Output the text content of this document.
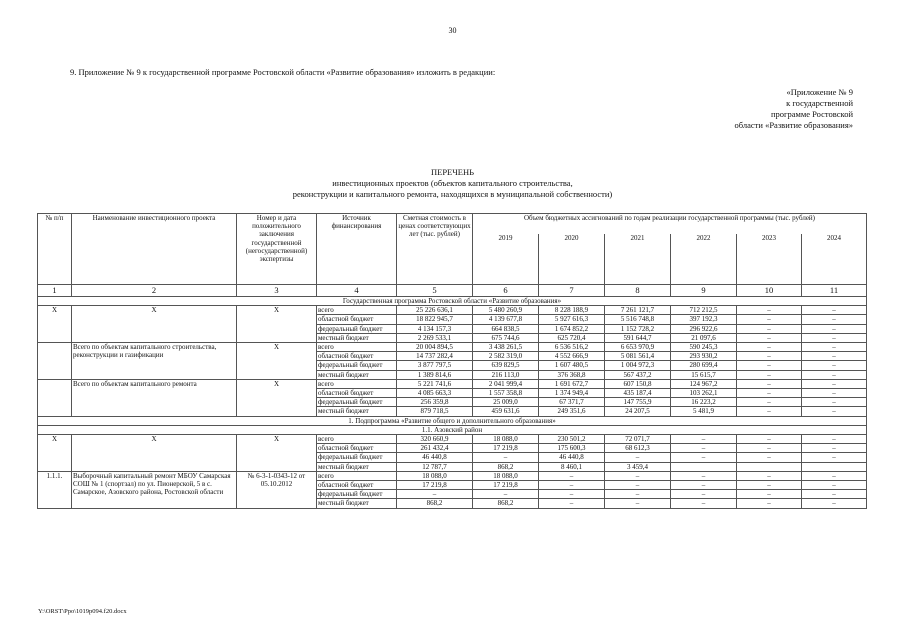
30
9. Приложение № 9 к государственной программе Ростовской области «Развитие образования» изложить в редакции:
«Приложение № 9
к государственной
программе Ростовской
области «Развитие образования»
ПЕРЕЧЕНЬ
инвестиционных проектов (объектов капитального строительства,
реконструкции и капитального ремонта, находящихся в муниципальной собственности)
№ п/п	Наименование инвестиционного проекта	Номер и дата положительного заключения государственной (негосударственной) экспертизы	Источник финансирования	Сметная стоимость в ценах соответствующих лет (тыс. рублей)	Объем бюджетных ассигнований по годам реализации государственной программы (тыс. рублей)					
					2019	2020	2021	2022	2023	2024
1	2	3	4	5	6	7	8	9	10	11
Государственная программа Ростовской области «Развитие образования»										
X	X	X	всего	25 226 636,1	5 480 260,9	8 228 188,9	7 261 121,7	712 212,5	–	–
			областной бюджет	18 822 945,7	4 139 677,8	5 927 616,3	5 516 748,8	397 192,3	–	–
			федеральный бюджет	4 134 157,3	664 838,5	1 674 852,2	1 152 728,2	296 922,6	–	–
			местный бюджет	2 269 533,1	675 744,6	625 720,4	591 644,7	21 097,6	–	–
	Всего по объектам капитального строительства, реконструкции и газификации	X	всего	20 004 894,5	3 438 261,5	6 536 516,2	6 653 970,9	590 245,3	–	–
			областной бюджет	14 737 282,4	2 582 319,0	4 552 666,9	5 081 561,4	293 930,2	–	–
			федеральный бюджет	3 877 797,5	639 829,5	1 607 480,5	1 004 972,3	280 699,4	–	–
			местный бюджет	1 389 814,6	216 113,0	376 368,8	567 437,2	15 615,7	–	–
	Всего по объектам капитального ремонта	X	всего	5 221 741,6	2 041 999,4	1 691 672,7	607 150,8	124 967,2	–	–
			областной бюджет	4 085 663,3	1 557 358,8	1 374 949,4	435 187,4	103 262,1	–	–
			федеральный бюджет	256 359,8	25 009,0	67 371,7	147 755,9	16 223,2	–	–
			местный бюджет	879 718,5	459 631,6	249 351,6	24 207,5	5 481,9	–	–
1. Подпрограмма «Развитие общего и дополнительного образования»										
1.1. Азовский район										
X	X	X	всего	320 660,9	18 088,0	230 501,2	72 071,7	–	–	–
			областной бюджет	261 432,4	17 219,8	175 600,3	68 612,3	–	–	–
			федеральный бюджет	46 440,8	–	46 440,8	–	–	–	–
			местный бюджет	12 787,7	868,2	8 460,1	3 459,4			
1.1.1.	Выборочный капитальный ремонт МБОУ Самарская СОШ № 1 (спортзал) по ул. Пионерской, 5 в с. Самарское, Азовского района, Ростовской области	№ 6-3-1-0343-12 от 05.10.2012	всего	18 088,0	18 088,0	–	–	–	–	–
			областной бюджет	17 219,8	17 219,8	–	–	–	–	–
			федеральный бюджет	–	–	–	–	–	–	–
			местный бюджет	868,2	868,2	–	–	–	–	–
Y:\ORST\Ppo\1019p094.f20.docx
